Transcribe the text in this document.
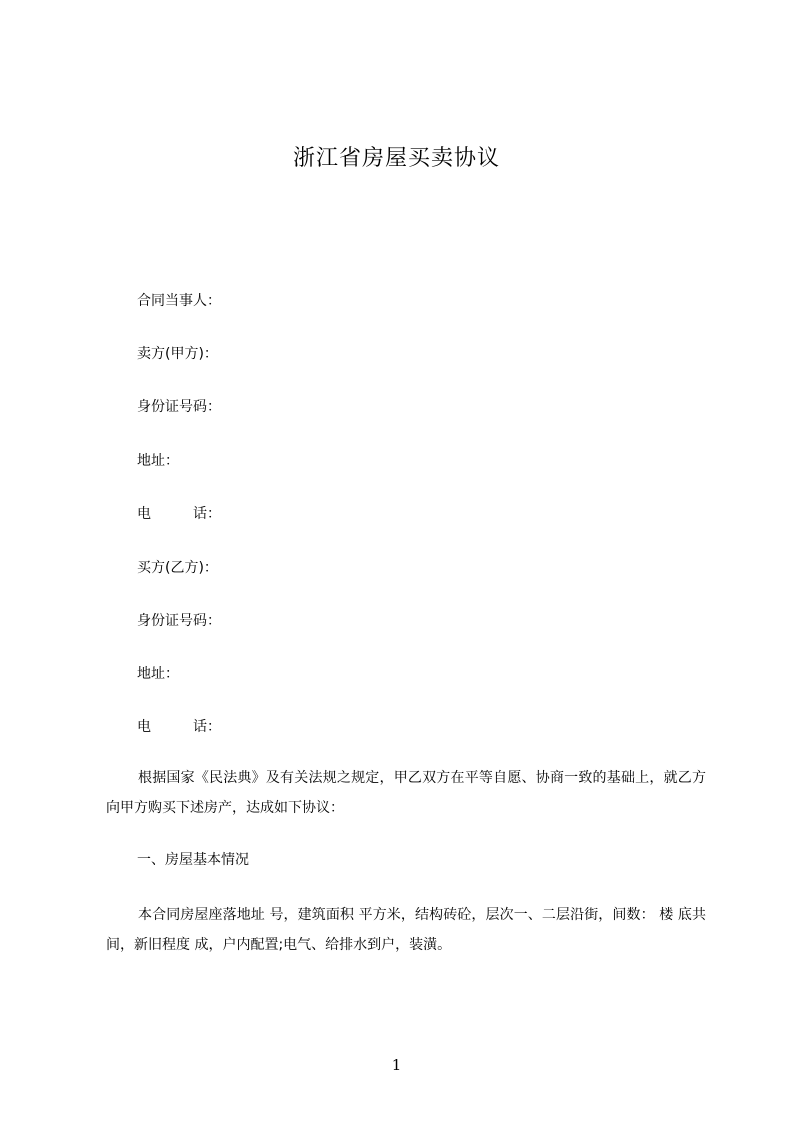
浙江省房屋买卖协议
合同当事人：
卖方(甲方)：
身份证号码：
地址：
电　　　话：
买方(乙方)：
身份证号码：
地址：
电　　　话：
根据国家《民法典》及有关法规之规定，甲乙双方在平等自愿、协商一致的基础上，就乙方向甲方购买下述房产，达成如下协议：
一、房屋基本情况
本合同房屋座落地址 号，建筑面积 平方米，结构砖砼，层次一、二层沿街，间数： 楼 底共 间，新旧程度 成，户内配置;电气、给排水到户，装潢。
1
